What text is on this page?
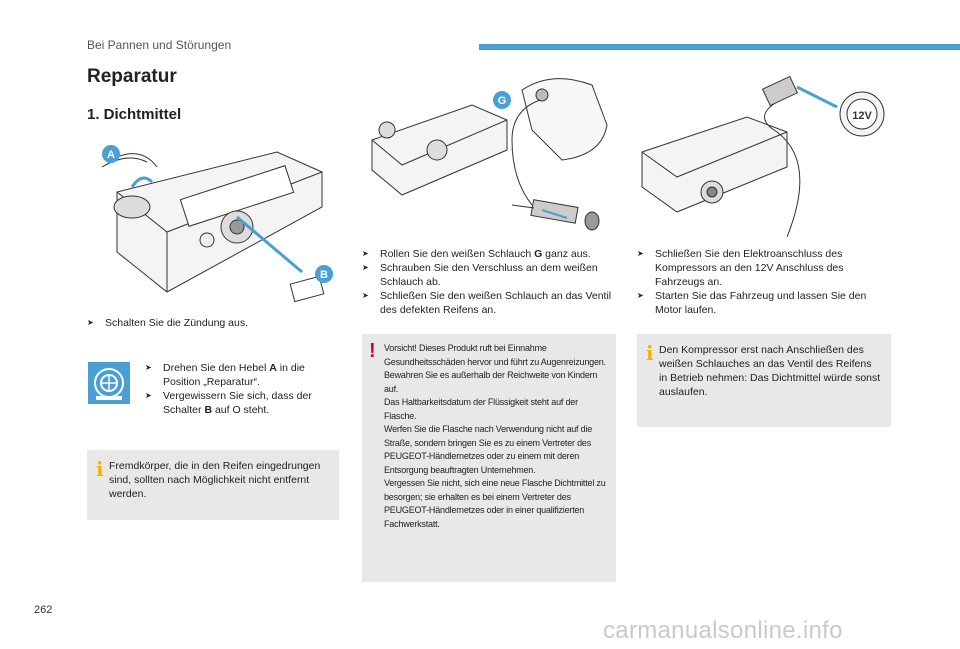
Bei Pannen und Störungen
Reparatur
1. Dichtmittel
A
B
G
12V
➤	Schalten Sie die Zündung aus.
➤	Drehen Sie den Hebel A in die Position „Reparatur“.
➤	Vergewissern Sie sich, dass der Schalter B auf O steht.
i Fremdkörper, die in den Reifen eingedrungen sind, sollten nach Möglichkeit nicht entfernt werden.
➤	Rollen Sie den weißen Schlauch G ganz aus.
➤	Schrauben Sie den Verschluss an dem weißen Schlauch ab.
➤	Schließen Sie den weißen Schlauch an das Ventil des defekten Reifens an.
! Vorsicht! Dieses Produkt ruft bei Einnahme Gesundheitsschäden hervor und führt zu Augenreizungen.
Bewahren Sie es außerhalb der Reichweite von Kindern auf.
Das Haltbarkeitsdatum der Flüssigkeit steht auf der Flasche.
Werfen Sie die Flasche nach Verwendung nicht auf die Straße, sondern bringen Sie es zu einem Vertreter des PEUGEOT-Händlernetzes oder zu einem mit deren Entsorgung beauftragten Unternehmen.
Vergessen Sie nicht, sich eine neue Flasche Dichtmittel zu besorgen; sie erhalten es bei einem Vertreter des PEUGEOT-Händlernetzes oder in einer qualifizierten Fachwerkstatt.
➤	Schließen Sie den Elektroanschluss des Kompressors an den 12V Anschluss des Fahrzeugs an.
➤	Starten Sie das Fahrzeug und lassen Sie den Motor laufen.
i Den Kompressor erst nach Anschließen des weißen Schlauches an das Ventil des Reifens in Betrieb nehmen: Das Dichtmittel würde sonst auslaufen.
262
carmanualsonline.info
